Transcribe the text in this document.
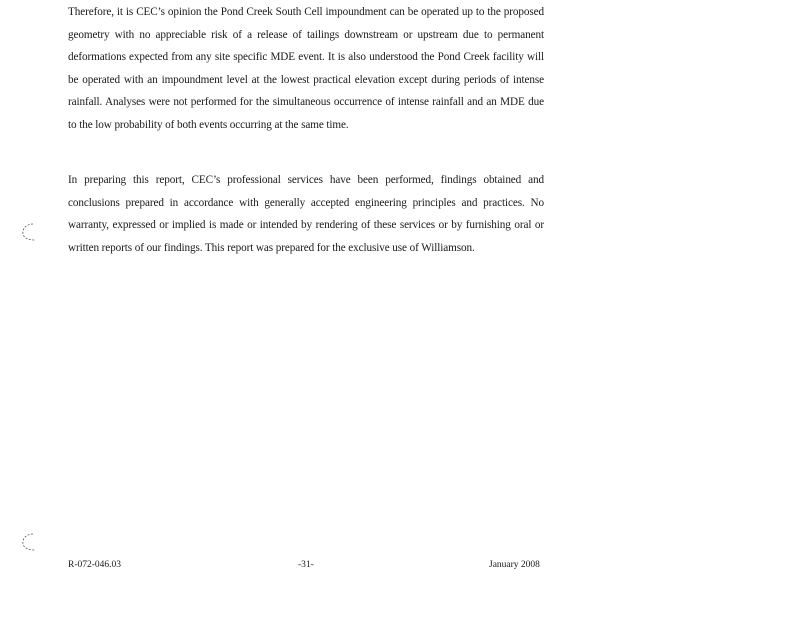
Therefore, it is CEC’s opinion the Pond Creek South Cell impoundment can be operated up to the proposed geometry with no appreciable risk of a release of tailings downstream or upstream due to permanent deformations expected from any site specific MDE event. It is also understood the Pond Creek facility will be operated with an impoundment level at the lowest practical elevation except during periods of intense rainfall. Analyses were not performed for the simultaneous occurrence of intense rainfall and an MDE due to the low probability of both events occurring at the same time.

In preparing this report, CEC’s professional services have been performed, findings obtained and conclusions prepared in accordance with generally accepted engineering principles and practices. No warranty, expressed or implied is made or intended by rendering of these services or by furnishing oral or written reports of our findings. This report was prepared for the exclusive use of Williamson.

R-072-046.03	-31-	January 2008
